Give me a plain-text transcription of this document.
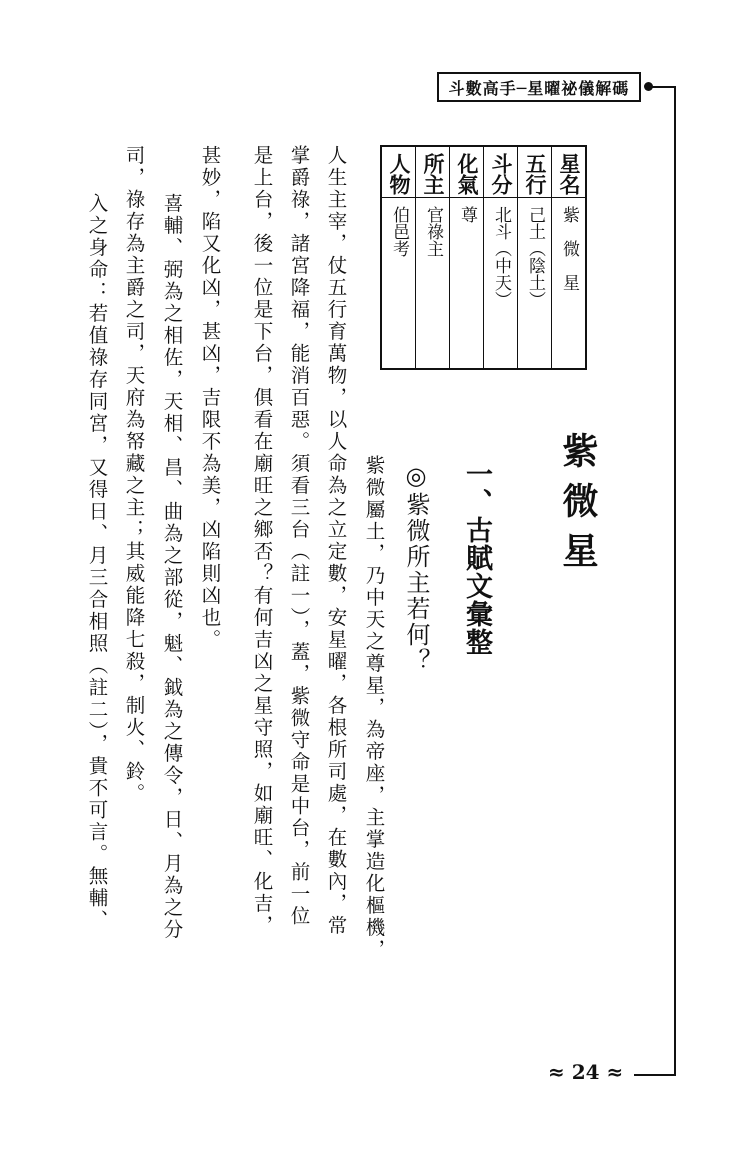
斗數高手─星曜祕儀解碼
≈ 24 ≈
人物	所主	化氣	斗分	五行	星名

伯邑考	官祿主	尊	北斗（中天）	己土（陰土）	紫　微　星
紫微星
一、古賦文彙整
◎紫微所主若何？
紫微屬土，乃中天之尊星，為帝座，主掌造化樞機，
人生主宰，仗五行育萬物，以人命為之立定數，安星曜，各根所司處，在數內，常
掌爵祿，諸宮降福，能消百惡。須看三台（註一），蓋，紫微守命是中台，前一位
是上台，後一位是下台，俱看在廟旺之鄉否？有何吉凶之星守照，如廟旺、化吉，
甚妙，陷又化凶，甚凶，吉限不為美，凶陷則凶也。
喜輔、弼為之相佐，天相、昌、曲為之部從，魁、鉞為之傳令，日、月為之分
司，祿存為主爵之司，天府為帑藏之主；其威能降七殺，制火、鈴。
入之身命：若值祿存同宮，又得日、月三合相照（註二），貴不可言。無輔、
